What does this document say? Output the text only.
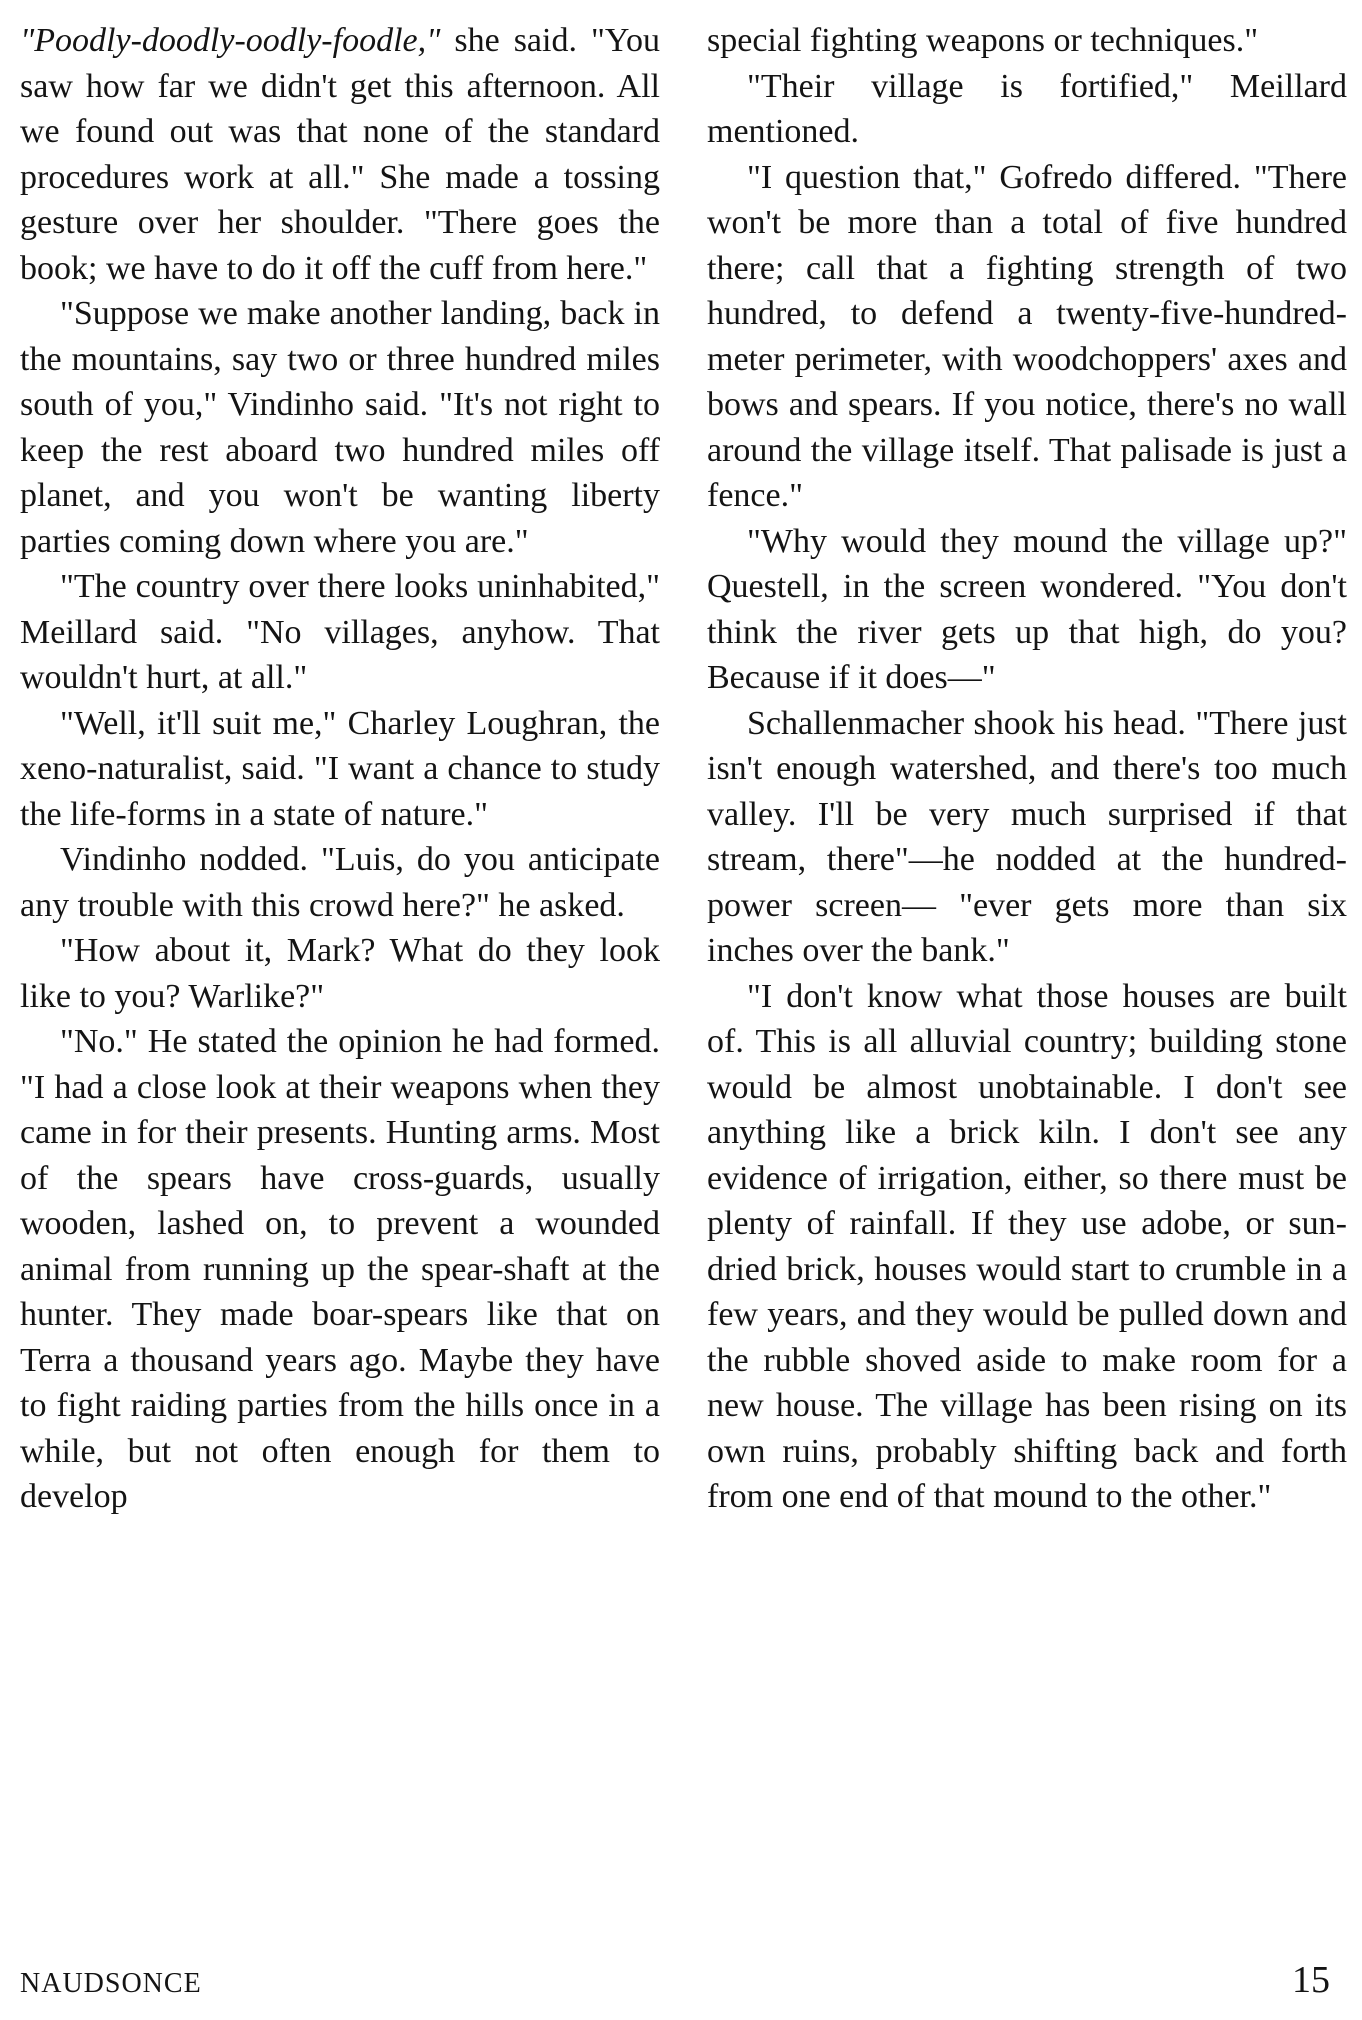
"Poodly-doodly-oodly-foodle," she said. "You saw how far we didn't get this afternoon. All we found out was that none of the standard procedures work at all." She made a tossing gesture over her shoulder. "There goes the book; we have to do it off the cuff from here."

"Suppose we make another landing, back in the mountains, say two or three hundred miles south of you," Vindinho said. "It's not right to keep the rest aboard two hundred miles off planet, and you won't be wanting liberty parties coming down where you are."

"The country over there looks uninhabited," Meillard said. "No villages, anyhow. That wouldn't hurt, at all."

"Well, it'll suit me," Charley Loughran, the xeno-naturalist, said. "I want a chance to study the life-forms in a state of nature."

Vindinho nodded. "Luis, do you anticipate any trouble with this crowd here?" he asked.

"How about it, Mark? What do they look like to you? Warlike?"

"No." He stated the opinion he had formed. "I had a close look at their weapons when they came in for their presents. Hunting arms. Most of the spears have cross-guards, usually wooden, lashed on, to prevent a wounded animal from running up the spear-shaft at the hunter. They made boar-spears like that on Terra a thousand years ago. Maybe they have to fight raiding parties from the hills once in a while, but not often enough for them to develop

special fighting weapons or techniques."

"Their village is fortified," Meillard mentioned.

"I question that," Gofredo differed. "There won't be more than a total of five hundred there; call that a fighting strength of two hundred, to defend a twenty-five-hundred-meter perimeter, with woodchoppers' axes and bows and spears. If you notice, there's no wall around the village itself. That palisade is just a fence."

"Why would they mound the village up?" Questell, in the screen wondered. "You don't think the river gets up that high, do you? Because if it does—"

Schallenmacher shook his head. "There just isn't enough watershed, and there's too much valley. I'll be very much surprised if that stream, there"—he nodded at the hundred-power screen— "ever gets more than six inches over the bank."

"I don't know what those houses are built of. This is all alluvial country; building stone would be almost unobtainable. I don't see anything like a brick kiln. I don't see any evidence of irrigation, either, so there must be plenty of rainfall. If they use adobe, or sun-dried brick, houses would start to crumble in a few years, and they would be pulled down and the rubble shoved aside to make room for a new house. The village has been rising on its own ruins, probably shifting back and forth from one end of that mound to the other."

NAUDSONCE	15
